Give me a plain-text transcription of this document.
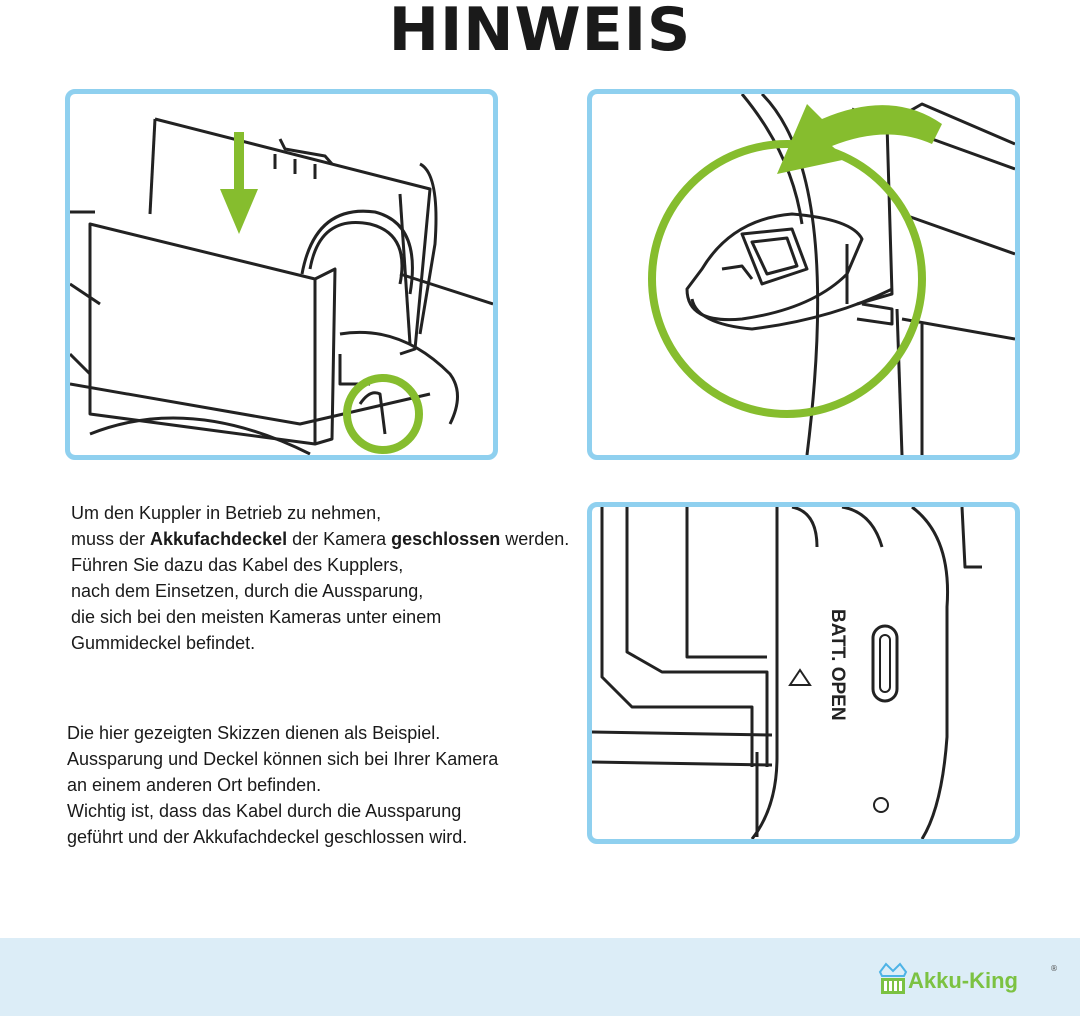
HINWEIS
BATT. OPEN
Um den Kuppler in Betrieb zu nehmen,
muss der Akkufachdeckel der Kamera geschlossen werden.
Führen Sie dazu das Kabel des Kupplers,
nach dem Einsetzen, durch die Aussparung,
die sich bei den meisten Kameras unter einem
Gummideckel befindet.
Die hier gezeigten Skizzen dienen als Beispiel.
Aussparung und Deckel können sich bei Ihrer Kamera
an einem anderen Ort befinden.
Wichtig ist, dass das Kabel durch die Aussparung
geführt und der Akkufachdeckel geschlossen wird.
Akku-King	®
